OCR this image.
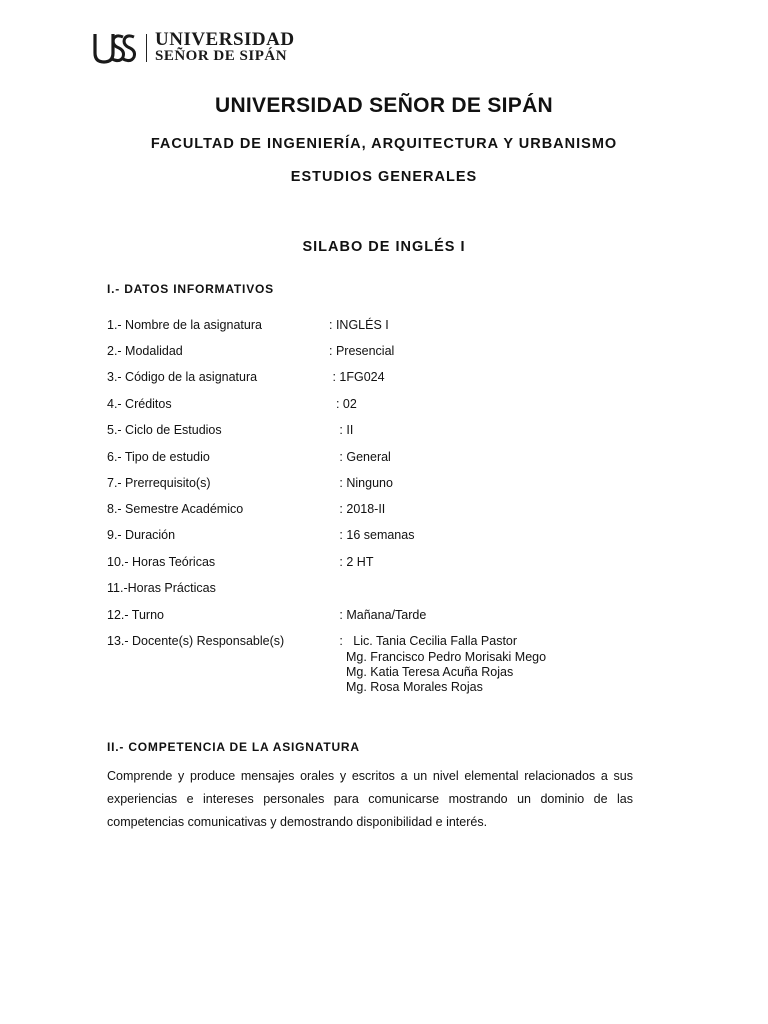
UNIVERSIDAD
SEÑOR DE SIPÁN
UNIVERSIDAD SEÑOR DE SIPÁN
FACULTAD DE INGENIERÍA, ARQUITECTURA Y URBANISMO
ESTUDIOS GENERALES
SILABO DE INGLÉS I
I.- DATOS INFORMATIVOS
1.- Nombre de la asignatura	: INGLÉS I
2.- Modalidad	: Presencial
3.- Código de la asignatura	: 1FG024
4.- Créditos	: 02
5.- Ciclo de Estudios	: II
6.- Tipo de estudio	: General
7.- Prerrequisito(s)	: Ninguno
8.- Semestre Académico	: 2018-II
9.- Duración	: 16 semanas
10.- Horas Teóricas	: 2 HT
11.-Horas Prácticas
12.- Turno	: Mañana/Tarde
13.- Docente(s) Responsable(s)	:   Lic. Tania Cecilia Falla Pastor
Mg. Francisco Pedro Morisaki Mego
Mg. Katia Teresa Acuña Rojas
Mg. Rosa Morales Rojas
II.- COMPETENCIA DE LA ASIGNATURA

Comprende y produce mensajes orales y escritos a un nivel elemental relacionados a sus experiencias e intereses personales para comunicarse mostrando un dominio de las competencias comunicativas y demostrando disponibilidad e interés.
